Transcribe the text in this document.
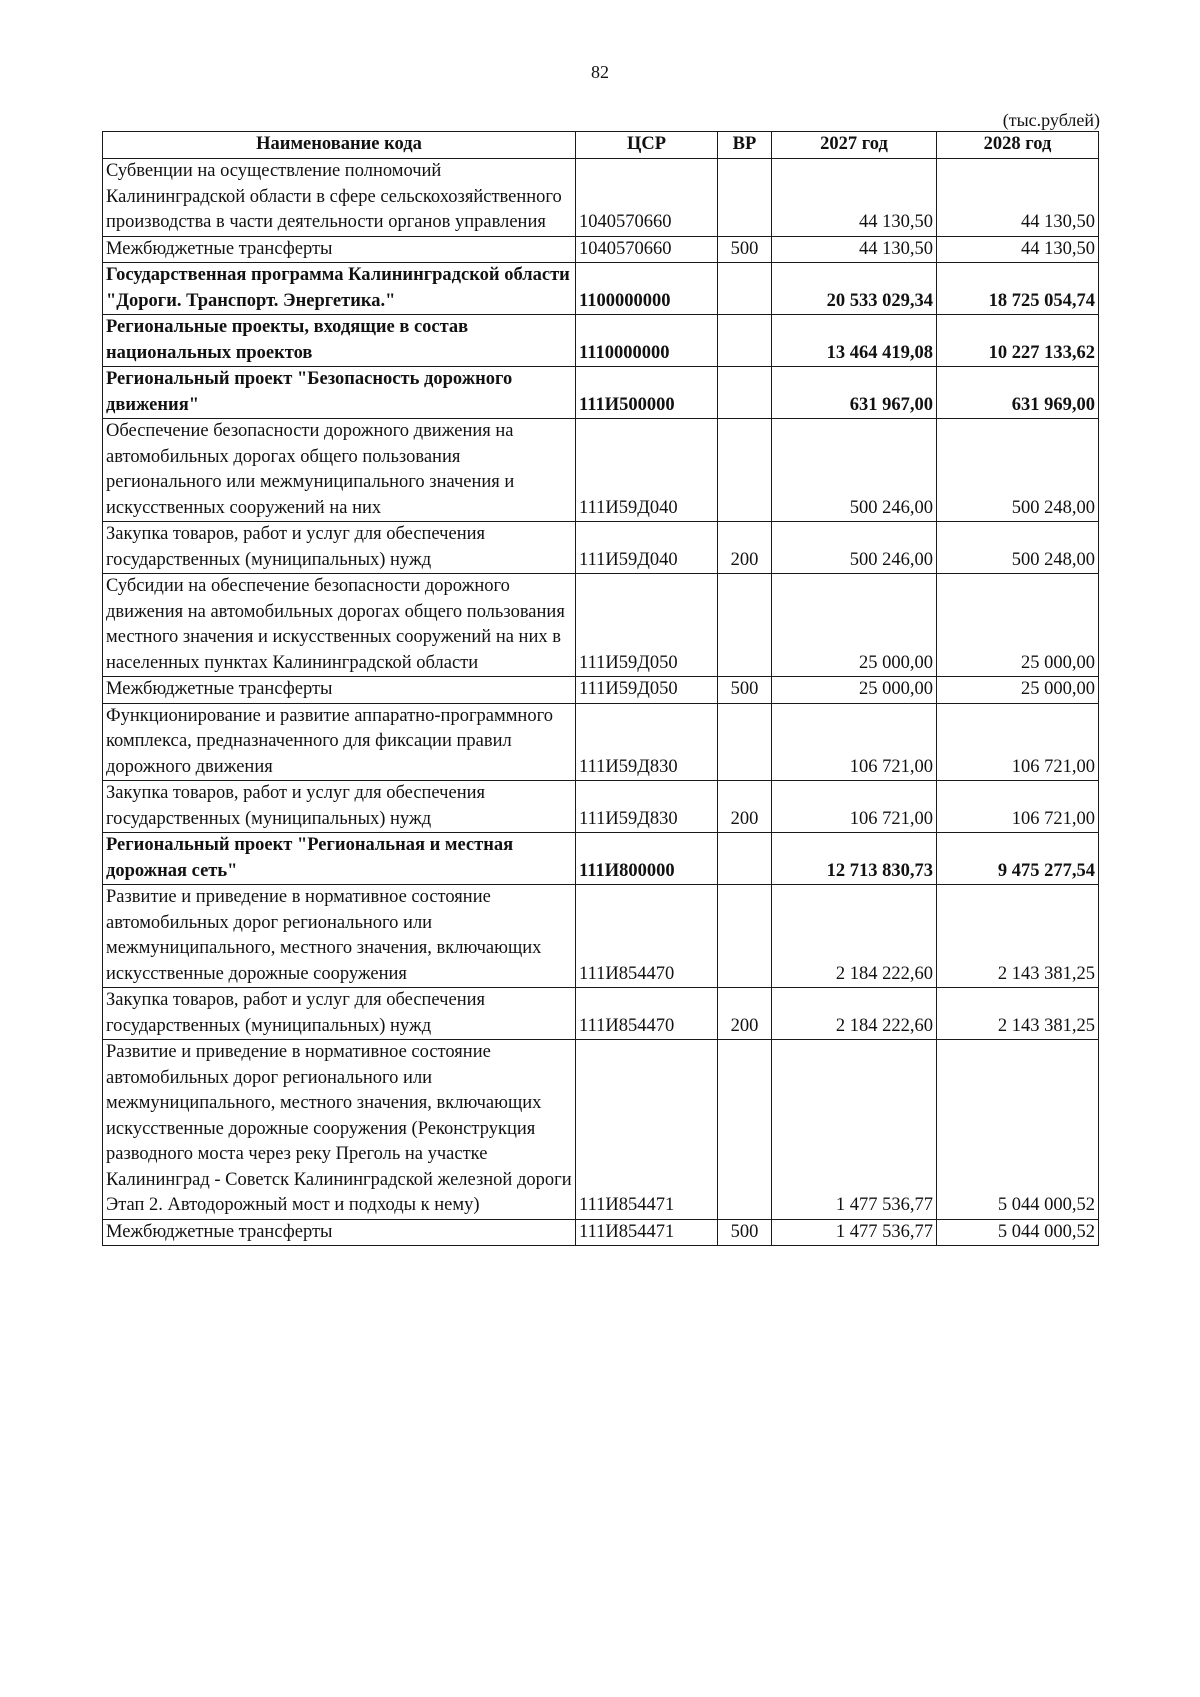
82
(тыс.рублей)
Наименование кода	ЦСР	ВР	2027 год	2028 год
Субвенции на осуществление полномочий Калининградской области в сфере сельскохозяйственного производства в части деятельности органов управления	1040570660		44 130,50	44 130,50
Межбюджетные трансферты	1040570660	500	44 130,50	44 130,50
Государственная программа Калининградской области "Дороги. Транспорт. Энергетика."	1100000000		20 533 029,34	18 725 054,74
Региональные проекты, входящие в состав национальных проектов	1110000000		13 464 419,08	10 227 133,62
Региональный проект "Безопасность дорожного движения"	111И500000		631 967,00	631 969,00
Обеспечение безопасности дорожного движения на автомобильных дорогах общего пользования регионального или межмуниципального значения и искусственных сооружений на них	111И59Д040		500 246,00	500 248,00
Закупка товаров, работ и услуг для обеспечения государственных (муниципальных) нужд	111И59Д040	200	500 246,00	500 248,00
Субсидии на обеспечение безопасности дорожного движения на автомобильных дорогах общего пользования местного значения и искусственных сооружений на них в населенных пунктах Калининградской области	111И59Д050		25 000,00	25 000,00
Межбюджетные трансферты	111И59Д050	500	25 000,00	25 000,00
Функционирование и развитие аппаратно-программного комплекса, предназначенного для фиксации правил дорожного движения	111И59Д830		106 721,00	106 721,00
Закупка товаров, работ и услуг для обеспечения государственных (муниципальных) нужд	111И59Д830	200	106 721,00	106 721,00
Региональный проект "Региональная и местная дорожная сеть"	111И800000		12 713 830,73	9 475 277,54
Развитие и приведение в нормативное состояние автомобильных дорог регионального или межмуниципального, местного значения, включающих искусственные дорожные сооружения	111И854470		2 184 222,60	2 143 381,25
Закупка товаров, работ и услуг для обеспечения государственных (муниципальных) нужд	111И854470	200	2 184 222,60	2 143 381,25
Развитие и приведение в нормативное состояние автомобильных дорог регионального или межмуниципального, местного значения, включающих искусственные дорожные сооружения (Реконструкция разводного моста через реку Преголь на участке Калининград - Советск Калининградской железной дороги Этап 2. Автодорожный мост и подходы к нему)	111И854471		1 477 536,77	5 044 000,52
Межбюджетные трансферты	111И854471	500	1 477 536,77	5 044 000,52
